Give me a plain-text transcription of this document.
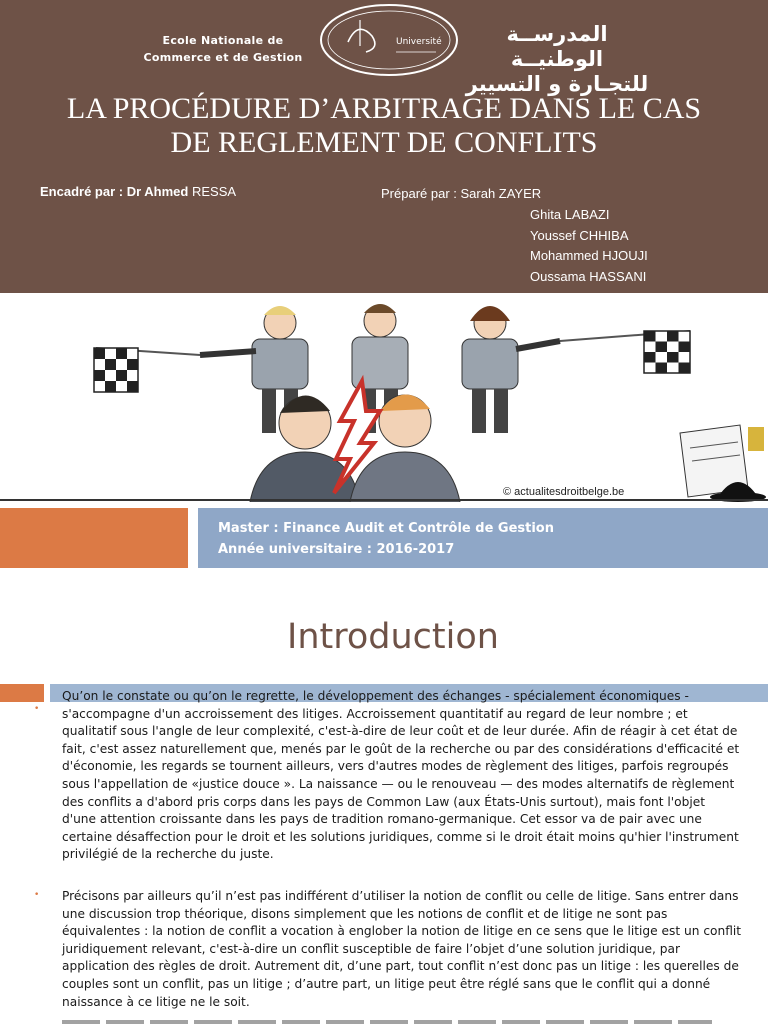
Ecole Nationale de
Commerce et de Gestion
Université	المدرســة الوطنيــة
للتجـارة و التسيير
LA PROCÉDURE D’ARBITRAGE DANS LE CAS
DE REGLEMENT DE CONFLITS
Encadré par : Dr Ahmed RESSA	Préparé par : Sarah ZAYER
Ghita LABAZI
Youssef CHHIBA
Mohammed HJOUJI
Oussama HASSANI
© actualitesdroitbelge.be
Master : Finance Audit et Contrôle de Gestion
Année universitaire : 2016-2017
Introduction
•
Qu’on le constate ou qu’on le regrette, le développement des échanges - spécialement économiques - s'accompagne d'un accroissement des litiges. Accroissement quantitatif au regard de leur nombre ; et qualitatif sous l'angle de leur complexité, c'est-à-dire de leur coût et de leur durée. Afin de réagir à cet état de fait, c'est assez naturellement que, menés par le goût de la recherche ou par des considérations d'efficacité et d'économie, les regards se tournent ailleurs, vers d'autres modes de règlement des litiges, parfois regroupés sous l'appellation de «justice douce ». La naissance — ou le renouveau — des modes alternatifs de règlement des conflits a d'abord pris corps dans les pays de Common Law (aux États-Unis surtout), mais font l'objet d'une attention croissante dans les pays de tradition romano-germanique. Cet essor va de pair avec une certaine désaffection pour le droit et les solutions juridiques, comme si le droit était moins qu'hier l'instrument privilégié de la recherche du juste.
• Précisons par ailleurs qu’il n’est pas indifférent d’utiliser la notion de conflit ou celle de litige. Sans entrer dans une discussion trop théorique, disons simplement que les notions de conflit et de litige ne sont pas équivalentes : la notion de conflit a vocation à englober la notion de litige en ce sens que le litige est un conflit juridiquement relevant, c'est-à-dire un conflit susceptible de faire l’objet d’une solution juridique, par application des règles de droit. Autrement dit, d’une part, tout conflit n’est donc pas un litige : les querelles de couples sont un conflit, pas un litige ; d’autre part, un litige peut être réglé sans que le conflit qui a donné naissance à ce litige ne le soit.
